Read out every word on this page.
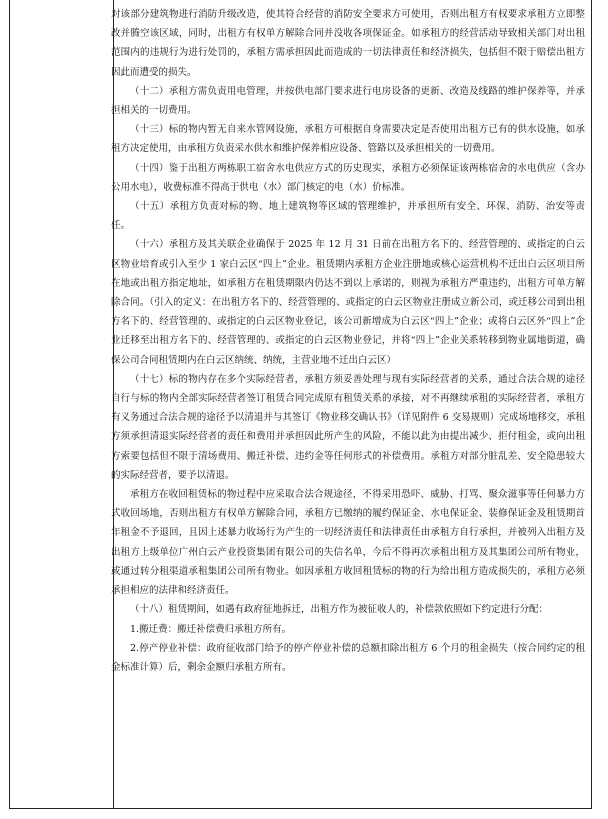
对该部分建筑物进行消防升级改造，使其符合经营的消防安全要求方可使用，否则出租方有权要求承租方立即整改并腾空该区域，同时，出租方有权单方解除合同并没收各项保证金。如承租方的经营活动导致相关部门对出租范围内的违规行为进行处罚的，承租方需承担因此而造成的一切法律责任和经济损失，包括但不限于赔偿出租方因此而遭受的损失。

（十二）承租方需负责用电管理，并按供电部门要求进行电房设备的更新、改造及线路的维护保养等，并承担相关的一切费用。

（十三）标的物内暂无自来水管网设施，承租方可根据自身需要决定是否使用出租方已有的供水设施，如承租方决定使用，由承租方负责采水供水和维护保养相应设备、管路以及承担相关的一切费用。

（十四）鉴于出租方两栋职工宿舍水电供应方式的历史现实，承租方必须保证该两栋宿舍的水电供应（含办公用水电），收费标准不得高于供电（水）部门核定的电（水）价标准。

（十五）承租方负责对标的物、地上建筑物等区域的管理维护，并承担所有安全、环保、消防、治安等责任。

（十六）承租方及其关联企业确保于 2025 年 12 月 31 日前在出租方名下的、经营管理的、或指定的白云区物业培育或引入至少 1 家白云区“四上”企业。租赁期内承租方企业注册地或核心运营机构不迁出白云区项目所在地或出租方指定地址，如承租方在租赁期限内仍达不到以上承诺的，则视为承租方严重违约，出租方可单方解除合同。（引入的定义：在出租方名下的、经营管理的、或指定的白云区物业注册成立新公司，或迁移公司到出租方名下的、经营管理的、或指定的白云区物业登记，该公司新增成为白云区“四上”企业；或将白云区外“四上”企业迁移至出租方名下的、经营管理的、或指定的白云区物业登记，并将“四上”企业关系转移到物业属地街道，确保公司合同租赁期内在白云区纳统、纳统，主营业地不迁出白云区）

（十七）标的物内存在多个实际经营者，承租方须妥善处理与现有实际经营者的关系，通过合法合规的途径自行与标的物内全部实际经营者签订租赁合同完成原有租赁关系的承接，对不再继续承租的实际经营者，承租方有义务通过合法合规的途径予以清退并与其签订《物业移交确认书》（详见附件 6 交易规则）完成场地移交，承租方须承担清退实际经营者的责任和费用并承担因此所产生的风险，不能以此为由提出减少、拒付租金，或向出租方索要包括但不限于清场费用、搬迁补偿、违约金等任何形式的补偿费用。承租方对部分脏乱差、安全隐患较大的实际经营者，要予以清退。

承租方在收回租赁标的物过程中应采取合法合规途径，不得采用恐吓、威胁、打骂、聚众滋事等任何暴力方式收回场地，否则出租方有权单方解除合同，承租方已缴纳的履约保证金、水电保证金、装修保证金及租赁期首年租金不予退回，且因上述暴力收场行为产生的一切经济责任和法律责任由承租方自行承担，并被列入出租方及出租方上级单位广州白云产业投资集团有限公司的失信名单，今后不得再次承租出租方及其集团公司所有物业，或通过转分租渠道承租集团公司所有物业。如因承租方收回租赁标的物的行为给出租方造成损失的，承租方必须承担相应的法律和经济责任。

（十八）租赁期间，如遇有政府征地拆迁，出租方作为被征收人的，补偿款依照如下约定进行分配：

1.搬迁费：搬迁补偿费归承租方所有。

2.停产停业补偿：政府征收部门给予的停产停业补偿的总额扣除出租方 6 个月的租金损失（按合同约定的租金标准计算）后，剩余金额归承租方所有。
